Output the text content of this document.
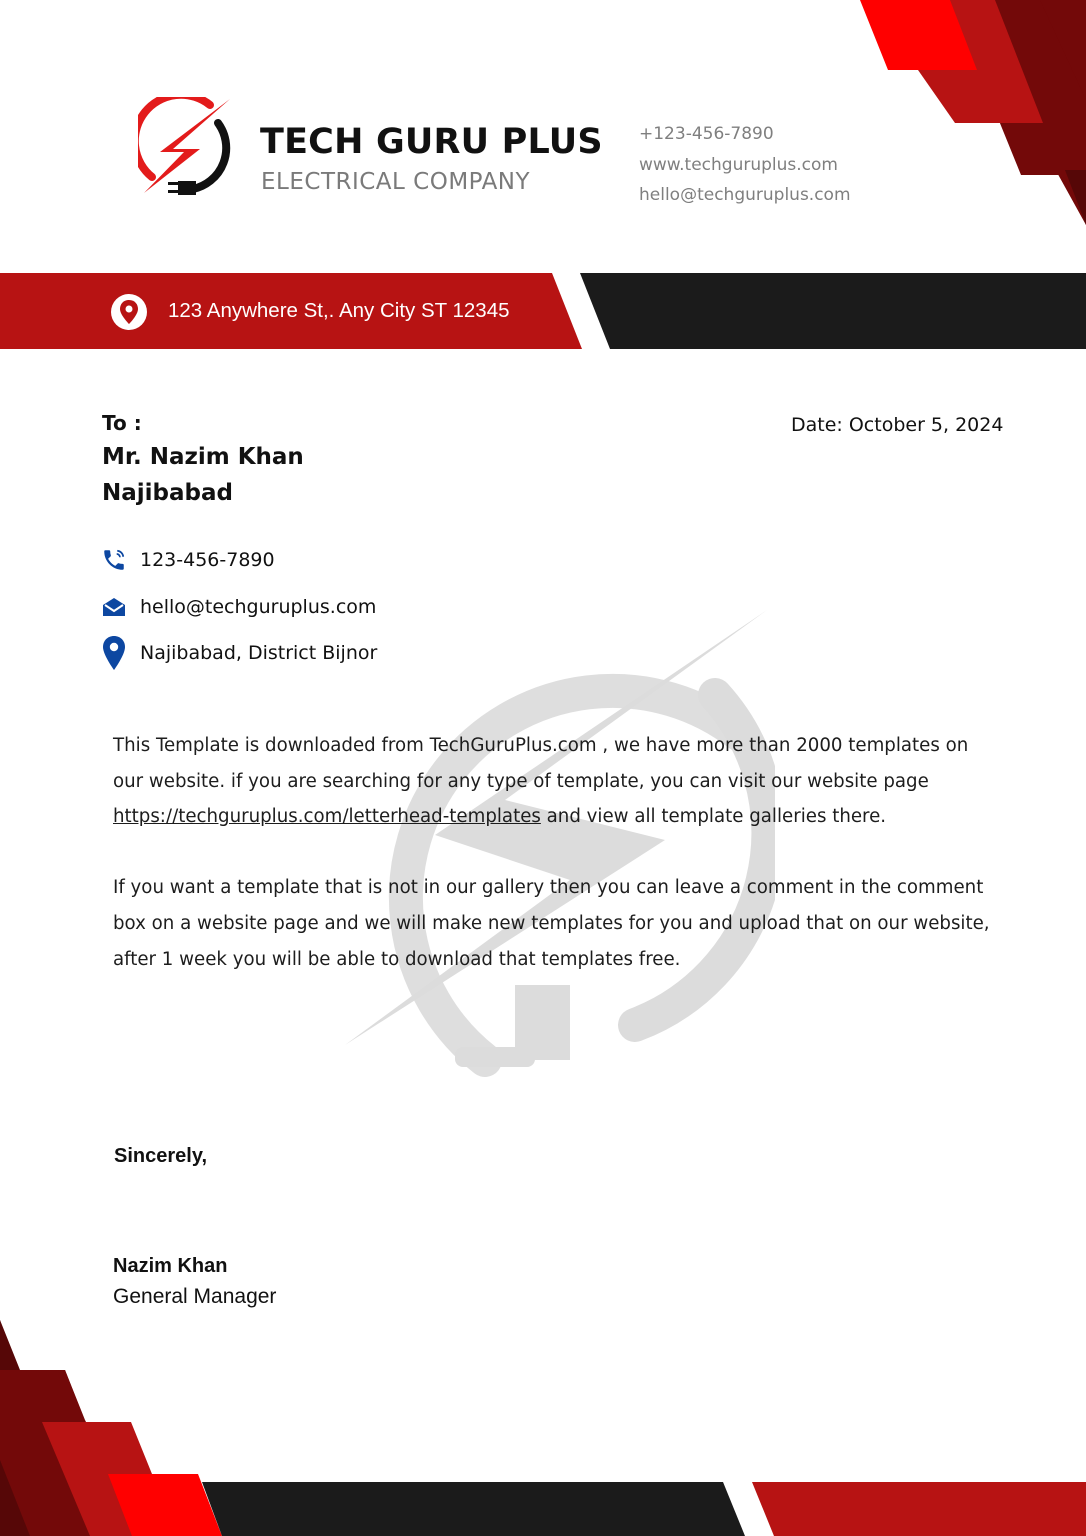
TECH GURU PLUS
ELECTRICAL COMPANY
+123-456-7890
www.techguruplus.com
hello@techguruplus.com
123 Anywhere St,. Any City ST 12345
To :
Mr. Nazim Khan
Najibabad
Date: October 5, 2024
123-456-7890
hello@techguruplus.com
Najibabad, District Bijnor

This Template is downloaded from TechGuruPlus.com , we have more than 2000 templates on our website. if you are searching for any type of template, you can visit our website page https://techguruplus.com/letterhead-templates and view all template galleries there.

If you want a template that is not in our gallery then you can leave a comment in the comment box on a website page and we will make new templates for you and upload that on our website, after 1 week you will be able to download that templates free.

Sincerely,
Nazim Khan
General Manager
